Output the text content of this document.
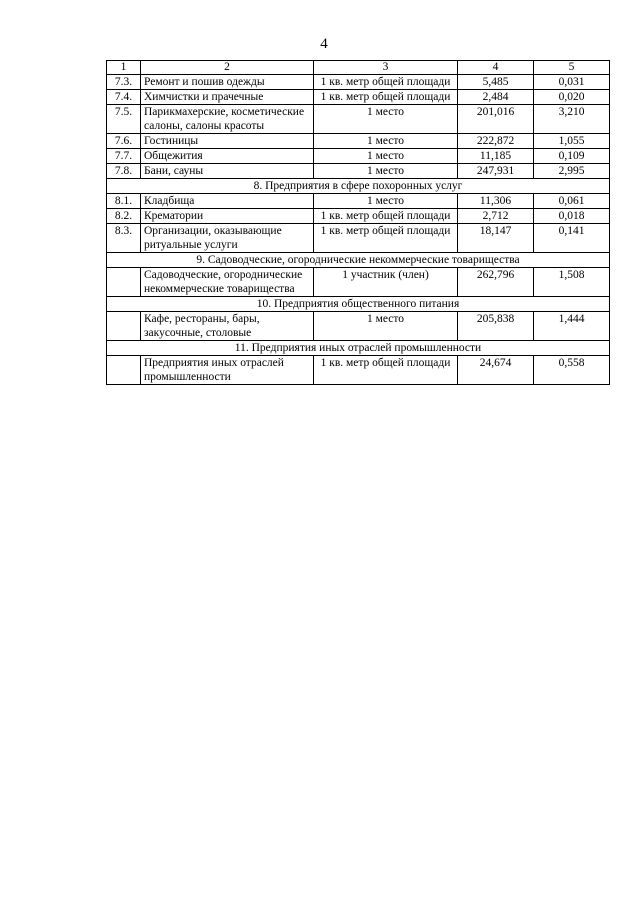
4
1	2	3	4	5
7.3.	Ремонт и пошив одежды	1 кв. метр общей площади	5,485	0,031
7.4.	Химчистки и прачечные	1 кв. метр общей площади	2,484	0,020
7.5.	Парикмахерские, косметические салоны, салоны красоты	1 место	201,016	3,210
7.6.	Гостиницы	1 место	222,872	1,055
7.7.	Общежития	1 место	11,185	0,109
7.8.	Бани, сауны	1 место	247,931	2,995
8. Предприятия в сфере похоронных услуг				
8.1.	Кладбища	1 место	11,306	0,061
8.2.	Крематории	1 кв. метр общей площади	2,712	0,018
8.3.	Организации, оказывающие ритуальные услуги	1 кв. метр общей площади	18,147	0,141
9. Садоводческие, огороднические некоммерческие товарищества				
	Садоводческие, огороднические некоммерческие товарищества	1 участник (член)	262,796	1,508
10. Предприятия общественного питания				
	Кафе, рестораны, бары, закусочные, столовые	1 место	205,838	1,444
11. Предприятия иных отраслей промышленности				
	Предприятия иных отраслей промышленности	1 кв. метр общей площади	24,674	0,558
